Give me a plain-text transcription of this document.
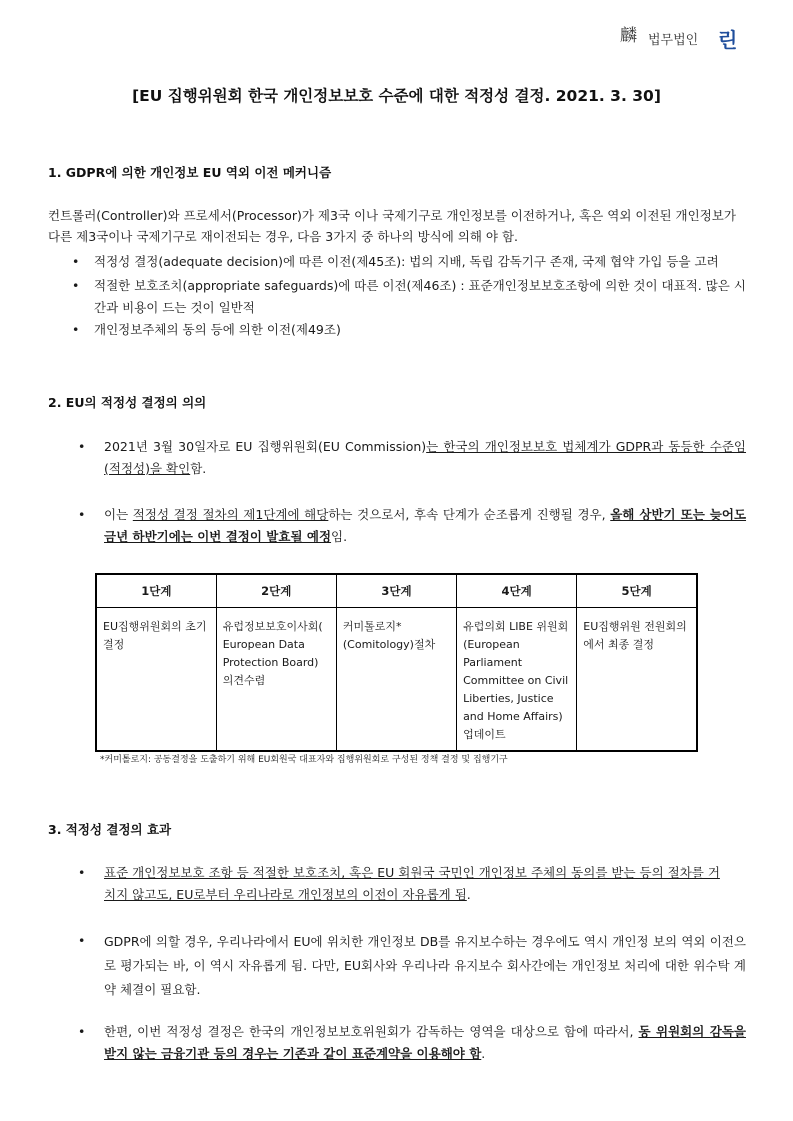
麟	법무법인 린
[EU 집행위원회 한국 개인정보보호 수준에 대한 적정성 결정. 2021. 3. 30]
1. GDPR에 의한 개인정보 EU 역외 이전 메커니즘
컨트롤러(Controller)와 프로세서(Processor)가 제3국 이나 국제기구로 개인정보를 이전하거나, 혹은 역외 이전된 개인정보가 다른 제3국이나 국제기구로 재이전되는 경우, 다음 3가지 중 하나의 방식에 의해 야 함.
• 적정성 결정(adequate decision)에 따른 이전(제45조): 법의 지배, 독립 감독기구 존재, 국제 협약 가입 등을 고려
• 적절한 보호조치(appropriate safeguards)에 따른 이전(제46조) : 표준개인정보보호조항에 의한 것이 대표적. 많은 시간과 비용이 드는 것이 일반적
• 개인정보주체의 동의 등에 의한 이전(제49조)
2. EU의 적정성 결정의 의의
• 2021년 3월 30일자로 EU 집행위원회(EU Commission)는 한국의 개인정보보호 법체계가 GDPR과 동등한 수준임 (적정성)을 확인함.
• 이는 적정성 결정 절차의 제1단계에 해당하는 것으로서, 후속 단계가 순조롭게 진행될 경우, 올해 상반기 또는 늦어도 금년 하반기에는 이번 결정이 발효될 예정임.
1단계	2단계	3단계	4단계	5단계
EU집행위원회의 초기결정	유럽정보보호이사회( European Data Protection Board) 의견수렴	커미톨로지* (Comitology)절차	유럽의회 LIBE 위원회(European Parliament Committee on Civil Liberties, Justice and Home Affairs) 업데이트	EU집행위원 전원회의에서 최종 결정
*커미톨로지: 공동결정을 도출하기 위해 EU회원국 대표자와 집행위원회로 구성된 정책 결정 및 집행기구
3. 적정성 결정의 효과
• 표준 개인정보보호 조항 등 적절한 보호조치, 혹은 EU 회원국 국민인 개인정보 주체의 동의를 받는 등의 절차를 거치지 않고도, EU로부터 우리나라로 개인정보의 이전이 자유롭게 됨.
• GDPR에 의할 경우, 우리나라에서 EU에 위치한 개인정보 DB를 유지보수하는 경우에도 역시 개인정 보의 역외 이전으로 평가되는 바, 이 역시 자유롭게 됨. 다만, EU회사와 우리나라 유지보수 회사간에는 개인정보 처리에 대한 위수탁 계약 체결이 필요함.
• 한편, 이번 적정성 결정은 한국의 개인정보보호위원회가 감독하는 영역을 대상으로 함에 따라서, 동 위원회의 감독을 받지 않는 금융기관 등의 경우는 기존과 같이 표준계약을 이용해야 함.
